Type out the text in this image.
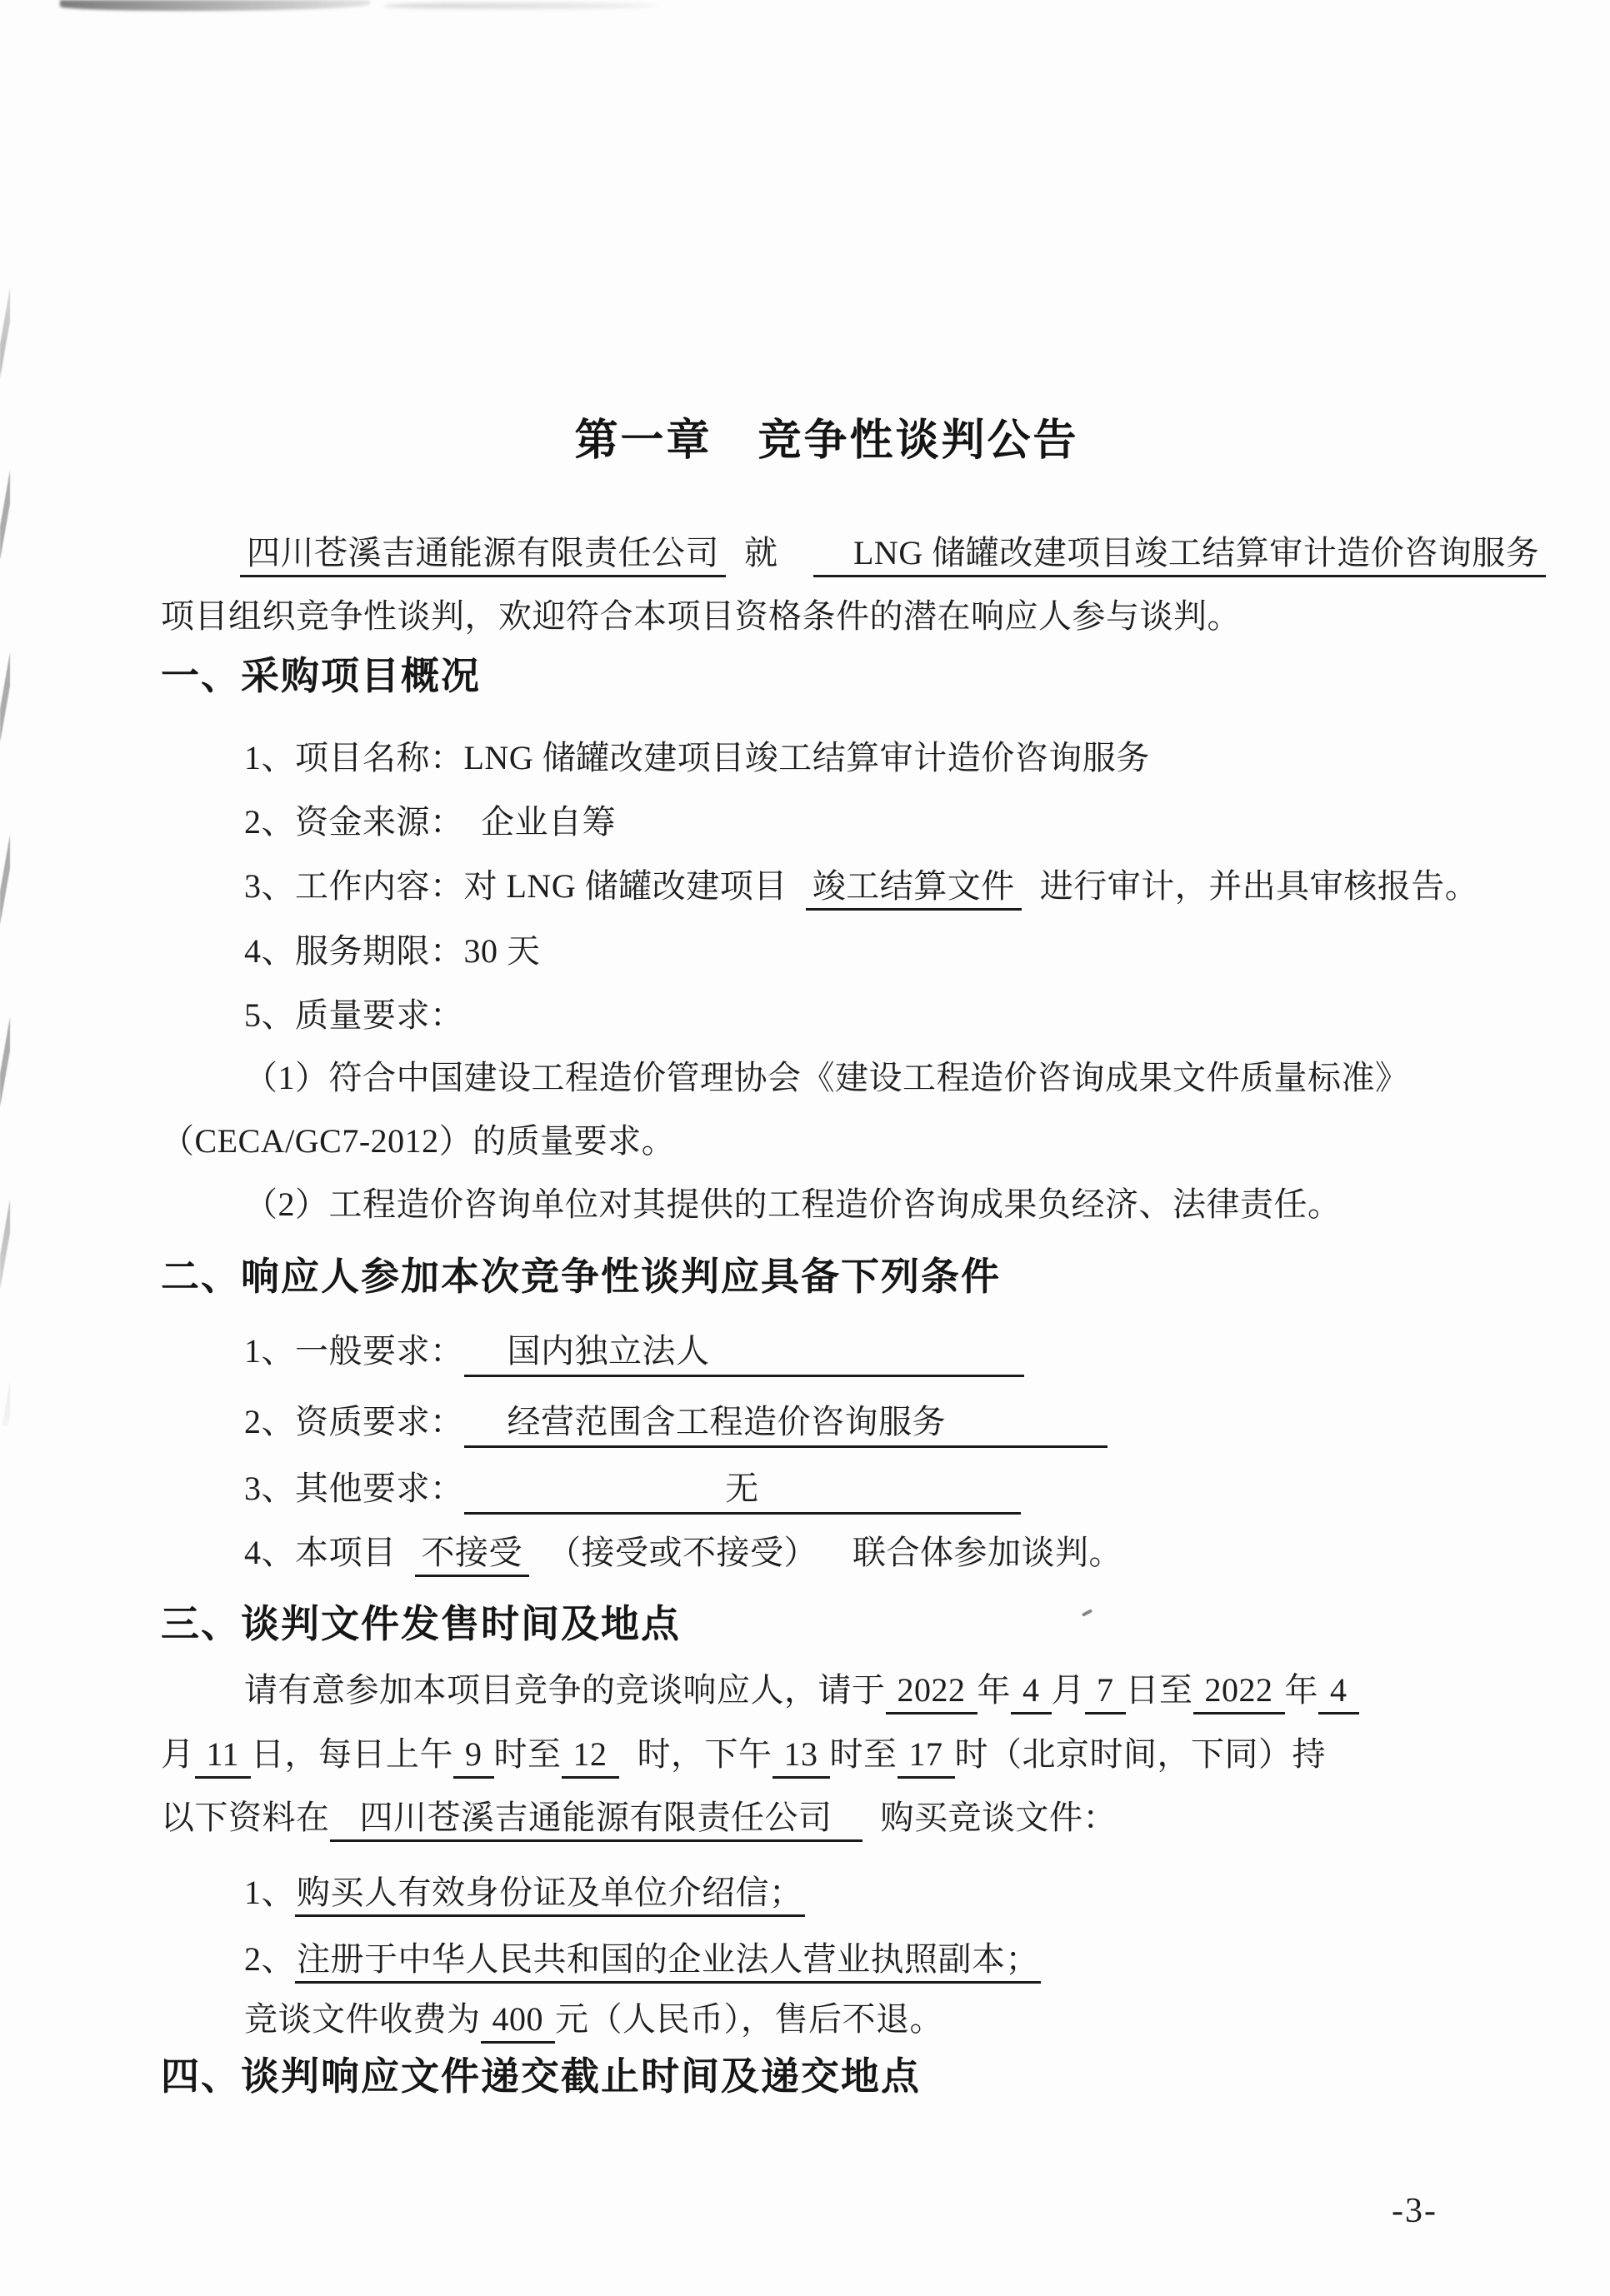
第一章　竞争性谈判公告
四川苍溪吉通能源有限责任公司 就　LNG 储罐改建项目竣工结算审计造价咨询服务
项目组织竞争性谈判，欢迎符合本项目资格条件的潜在响应人参与谈判。
一、采购项目概况
1、项目名称：LNG 储罐改建项目竣工结算审计造价咨询服务
2、资金来源：　企业自筹
3、工作内容：对 LNG 储罐改建项目 竣工结算文件 进行审计，并出具审核报告。
4、服务期限：30 天
5、质量要求：
（1）符合中国建设工程造价管理协会《建设工程造价咨询成果文件质量标准》
（CECA/GC7-2012）的质量要求。
（2）工程造价咨询单位对其提供的工程造价咨询成果负经济、法律责任。
二、响应人参加本次竞争性谈判应具备下列条件
1、一般要求： 国内独立法人
2、资质要求： 经营范围含工程造价咨询服务
3、其他要求：	无
4、本项目 不接受 （接受或不接受） 联合体参加谈判。
三、谈判文件发售时间及地点
请有意参加本项目竞争的竞谈响应人，请于 2022 年 4 月 7 日至 2022 年 4
月 11 日，每日上午 9 时至 12 时，下午 13 时至 17 时（北京时间，下同）持
以下资料在 四川苍溪吉通能源有限责任公司 购买竞谈文件：
1、购买人有效身份证及单位介绍信；
2、注册于中华人民共和国的企业法人营业执照副本；
竞谈文件收费为 400 元（人民币），售后不退。
四、谈判响应文件递交截止时间及递交地点
-3-
